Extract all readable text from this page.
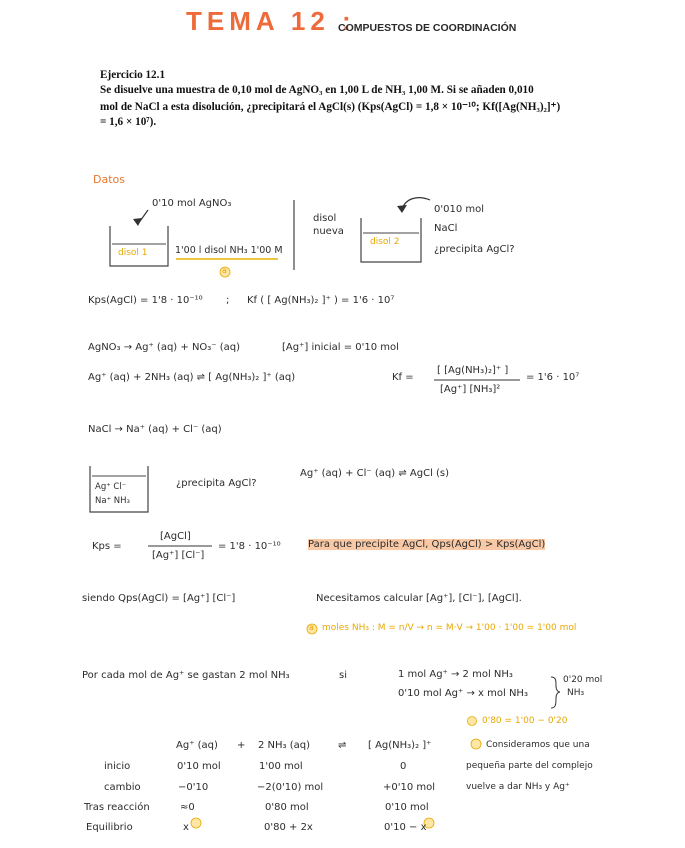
TEMA 12 :
COMPUESTOS DE COORDINACIÓN
Ejercicio 12.1
Se disuelve una muestra de 0,10 mol de AgNO₃ en 1,00 L de NH₃ 1,00 M. Si se añaden 0,010
mol de NaCl a esta disolución, ¿precipitará el AgCl(s) (Kps(AgCl) = 1,8 × 10⁻¹⁰; Kf([Ag(NH₃)₂]⁺)
= 1,6 × 10⁷).
Datos
0'10 mol AgNO₃
disol 1	1'00 l disol NH₃ 1'00 M
a
disol nueva
disol 2
0'010 mol
NaCl
¿precipita AgCl?
Kps(AgCl) = 1'8 · 10⁻¹⁰ ; Kf ( [ Ag(NH₃)₂ ]⁺ ) = 1'6 · 10⁷
AgNO₃ → Ag⁺ (aq) + NO₃⁻ (aq)	[Ag⁺] inicial = 0'10 mol
Ag⁺ (aq) + 2NH₃ (aq) ⇌ [ Ag(NH₃)₂ ]⁺ (aq)	Kf =
[ [Ag(NH₃)₂]⁺ ]
[Ag⁺] [NH₃]²
= 1'6 · 10⁷
NaCl → Na⁺ (aq) + Cl⁻ (aq)
Ag⁺ Cl⁻
Na⁺ NH₃
¿precipita AgCl?
Ag⁺ (aq) + Cl⁻ (aq) ⇌ AgCl (s)
Kps =
[AgCl]
[Ag⁺] [Cl⁻]
= 1'8 · 10⁻¹⁰	Para que precipite AgCl, Qps(AgCl) > Kps(AgCl)
siendo Qps(AgCl) = [Ag⁺] [Cl⁻]	Necesitamos calcular [Ag⁺], [Cl⁻], [AgCl].
a moles NH₃ : M = n/V → n = M·V → 1'00 · 1'00 = 1'00 mol
Por cada mol de Ag⁺ se gastan 2 mol NH₃	si	1 mol Ag⁺ → 2 mol NH₃
0'10 mol Ag⁺ → x mol NH₃
0'20 mol
NH₃
0'80 = 1'00 − 0'20
Ag⁺ (aq) + 2 NH₃ (aq)	⇌ [ Ag(NH₃)₂ ]⁺
inicio	0'10 mol	1'00 mol	0
cambio	−0'10	−2(0'10) mol	+0'10 mol
Tras reacción	≈0	0'80 mol	0'10 mol
Equilibrio	x	0'80 + 2x	0'10 − x
Consideramos que una
pequeña parte del complejo
vuelve a dar NH₃ y Ag⁺
